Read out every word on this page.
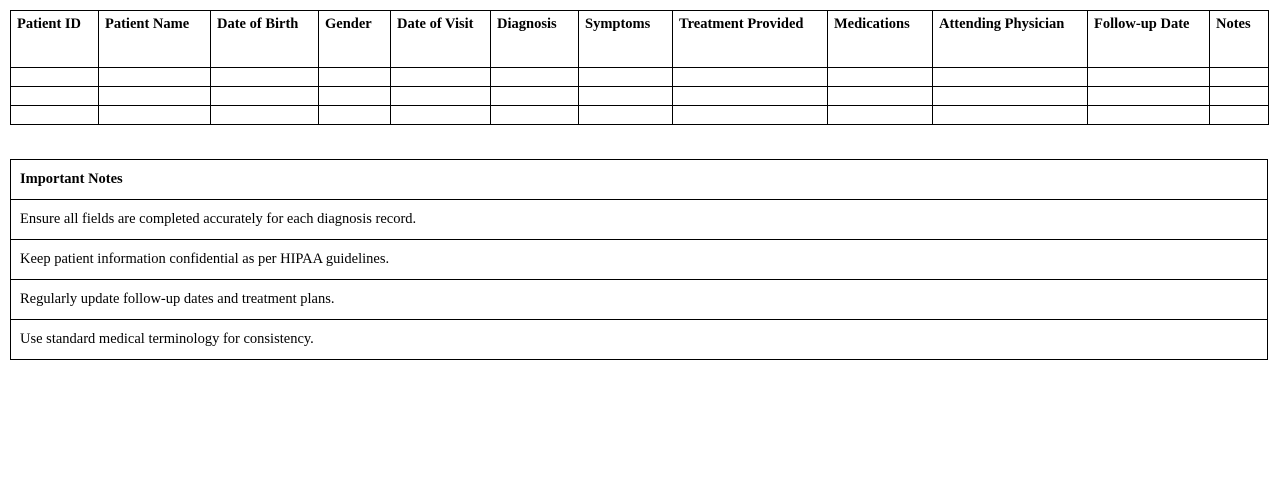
Patient ID	Patient Name	Date of Birth	Gender	Date of Visit	Diagnosis	Symptoms	Treatment Provided	Medications	Attending Physician	Follow-up Date	Notes

Important Notes
Ensure all fields are completed accurately for each diagnosis record.
Keep patient information confidential as per HIPAA guidelines.
Regularly update follow-up dates and treatment plans.
Use standard medical terminology for consistency.
